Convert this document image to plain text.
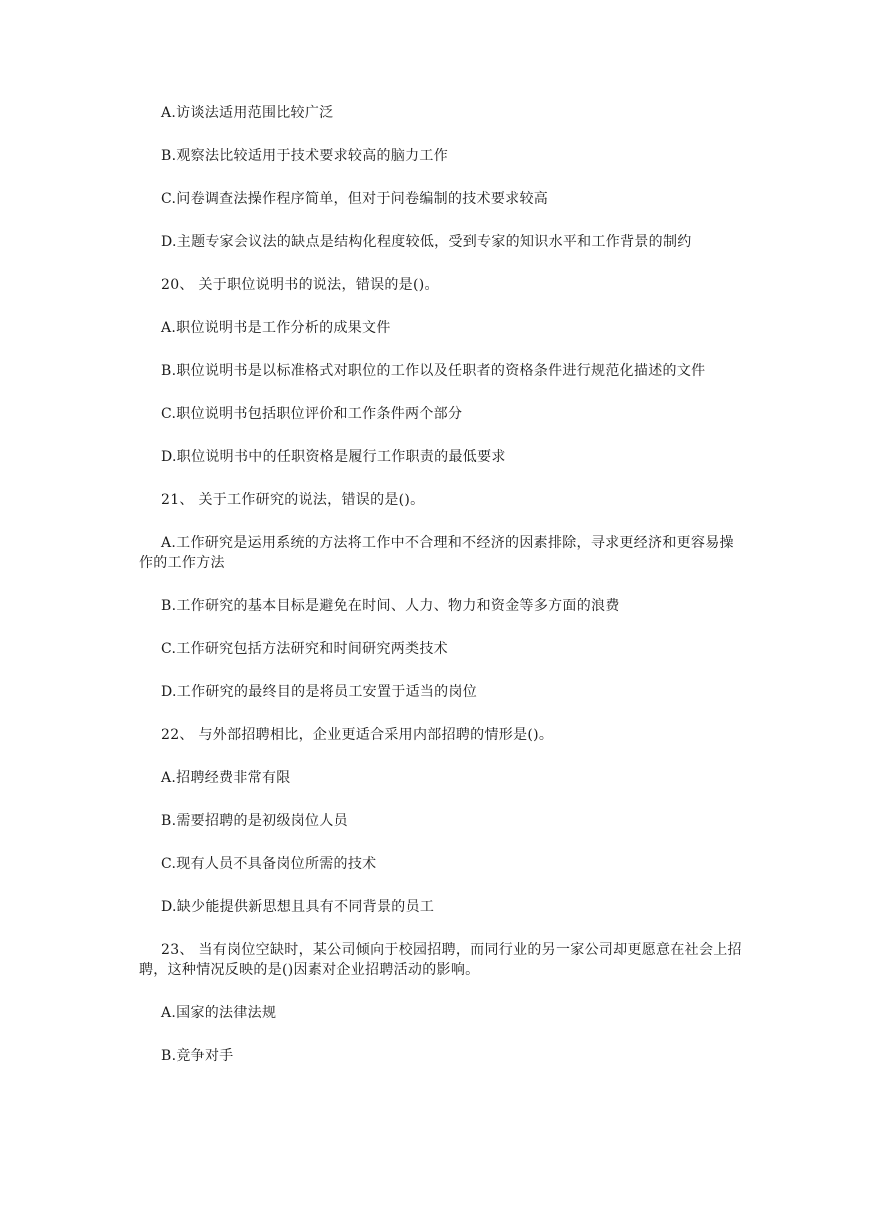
A.访谈法适用范围比较广泛

B.观察法比较适用于技术要求较高的脑力工作

C.问卷调查法操作程序简单，但对于问卷编制的技术要求较高

D.主题专家会议法的缺点是结构化程度较低，受到专家的知识水平和工作背景的制约

20、 关于职位说明书的说法，错误的是()。

A.职位说明书是工作分析的成果文件

B.职位说明书是以标准格式对职位的工作以及任职者的资格条件进行规范化描述的文件

C.职位说明书包括职位评价和工作条件两个部分

D.职位说明书中的任职资格是履行工作职责的最低要求

21、 关于工作研究的说法，错误的是()。

A.工作研究是运用系统的方法将工作中不合理和不经济的因素排除，寻求更经济和更容易操作的工作方法

B.工作研究的基本目标是避免在时间、人力、物力和资金等多方面的浪费

C.工作研究包括方法研究和时间研究两类技术

D.工作研究的最终目的是将员工安置于适当的岗位

22、 与外部招聘相比，企业更适合采用内部招聘的情形是()。

A.招聘经费非常有限

B.需要招聘的是初级岗位人员

C.现有人员不具备岗位所需的技术

D.缺少能提供新思想且具有不同背景的员工

23、 当有岗位空缺时，某公司倾向于校园招聘，而同行业的另一家公司却更愿意在社会上招聘，这种情况反映的是()因素对企业招聘活动的影响。

A.国家的法律法规

B.竞争对手
